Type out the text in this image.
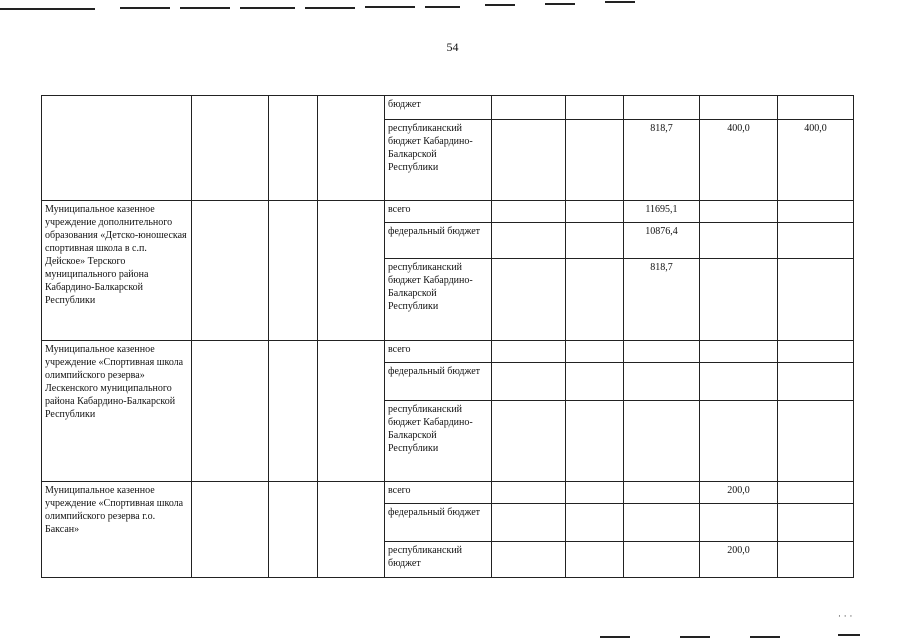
54
				бюджет					
				республиканский бюджет Кабардино-Балкарской Республики			818,7	400,0	400,0
Муниципальное казенное учреждение дополнительного образования «Детско-юношеская спортивная школа в с.п. Дейское» Терского муниципального района Кабардино-Балкарской Республики				всего			11695,1		
				федеральный бюджет			10876,4		
				республиканский бюджет Кабардино-Балкарской Республики			818,7		
Муниципальное казенное учреждение «Спортивная школа олимпийского резерва» Лескенского муниципального района Кабардино-Балкарской Республики				всего					
				федеральный бюджет					
				республиканский бюджет Кабардино-Балкарской Республики					
Муниципальное казенное учреждение «Спортивная школа олимпийского резерва г.о. Баксан»				всего				200,0	
				федеральный бюджет					
				республиканский бюджет				200,0	
· · ·
